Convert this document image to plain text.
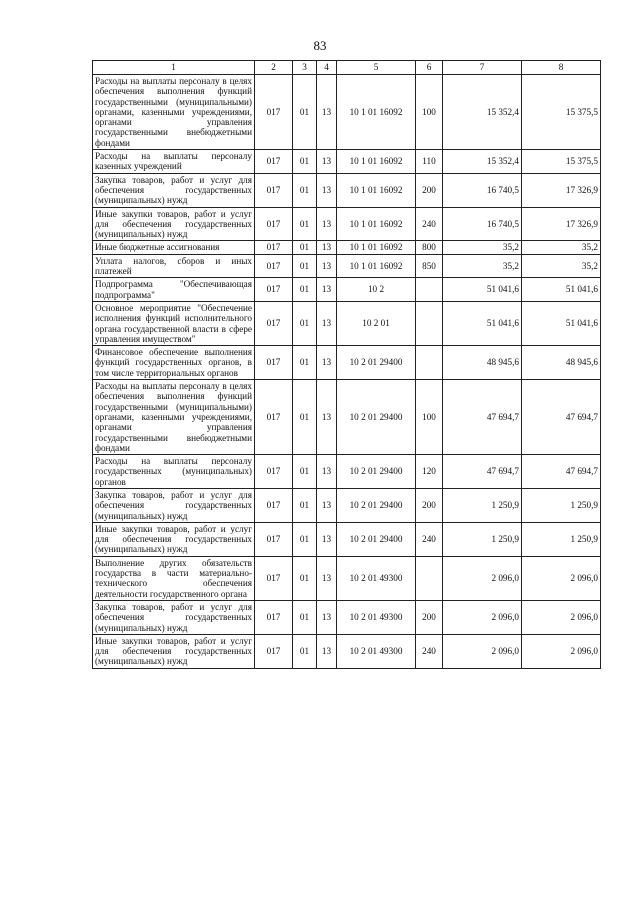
83
1	2	3	4	5	6	7	8
Расходы на выплаты персоналу в целях обеспечения выполнения функций государственными (муниципальными) органами, казенными учреждениями, органами управления государственными внебюджетными фондами	017	01	13	10 1 01 16092	100	15 352,4	15 375,5
Расходы на выплаты персоналу казенных учреждений	017	01	13	10 1 01 16092	110	15 352,4	15 375,5
Закупка товаров, работ и услуг для обеспечения государственных (муниципальных) нужд	017	01	13	10 1 01 16092	200	16 740,5	17 326,9
Иные закупки товаров, работ и услуг для обеспечения государственных (муниципальных) нужд	017	01	13	10 1 01 16092	240	16 740,5	17 326,9
Иные бюджетные ассигнования	017	01	13	10 1 01 16092	800	35,2	35,2
Уплата налогов, сборов и иных платежей	017	01	13	10 1 01 16092	850	35,2	35,2
Подпрограмма "Обеспечивающая подпрограмма"	017	01	13	10 2		51 041,6	51 041,6
Основное мероприятие "Обеспечение исполнения функций исполнительного органа государственной власти в сфере управления имуществом"	017	01	13	10 2 01		51 041,6	51 041,6
Финансовое обеспечение выполнения функций государственных органов, в том числе территориальных органов	017	01	13	10 2 01 29400		48 945,6	48 945,6
Расходы на выплаты персоналу в целях обеспечения выполнения функций государственными (муниципальными) органами, казенными учреждениями, органами управления государственными внебюджетными фондами	017	01	13	10 2 01 29400	100	47 694,7	47 694,7
Расходы на выплаты персоналу государственных (муниципальных) органов	017	01	13	10 2 01 29400	120	47 694,7	47 694,7
Закупка товаров, работ и услуг для обеспечения государственных (муниципальных) нужд	017	01	13	10 2 01 29400	200	1 250,9	1 250,9
Иные закупки товаров, работ и услуг для обеспечения государственных (муниципальных) нужд	017	01	13	10 2 01 29400	240	1 250,9	1 250,9
Выполнение других обязательств государства в части материально-технического обеспечения деятельности государственного органа	017	01	13	10 2 01 49300		2 096,0	2 096,0
Закупка товаров, работ и услуг для обеспечения государственных (муниципальных) нужд	017	01	13	10 2 01 49300	200	2 096,0	2 096,0
Иные закупки товаров, работ и услуг для обеспечения государственных (муниципальных) нужд	017	01	13	10 2 01 49300	240	2 096,0	2 096,0
